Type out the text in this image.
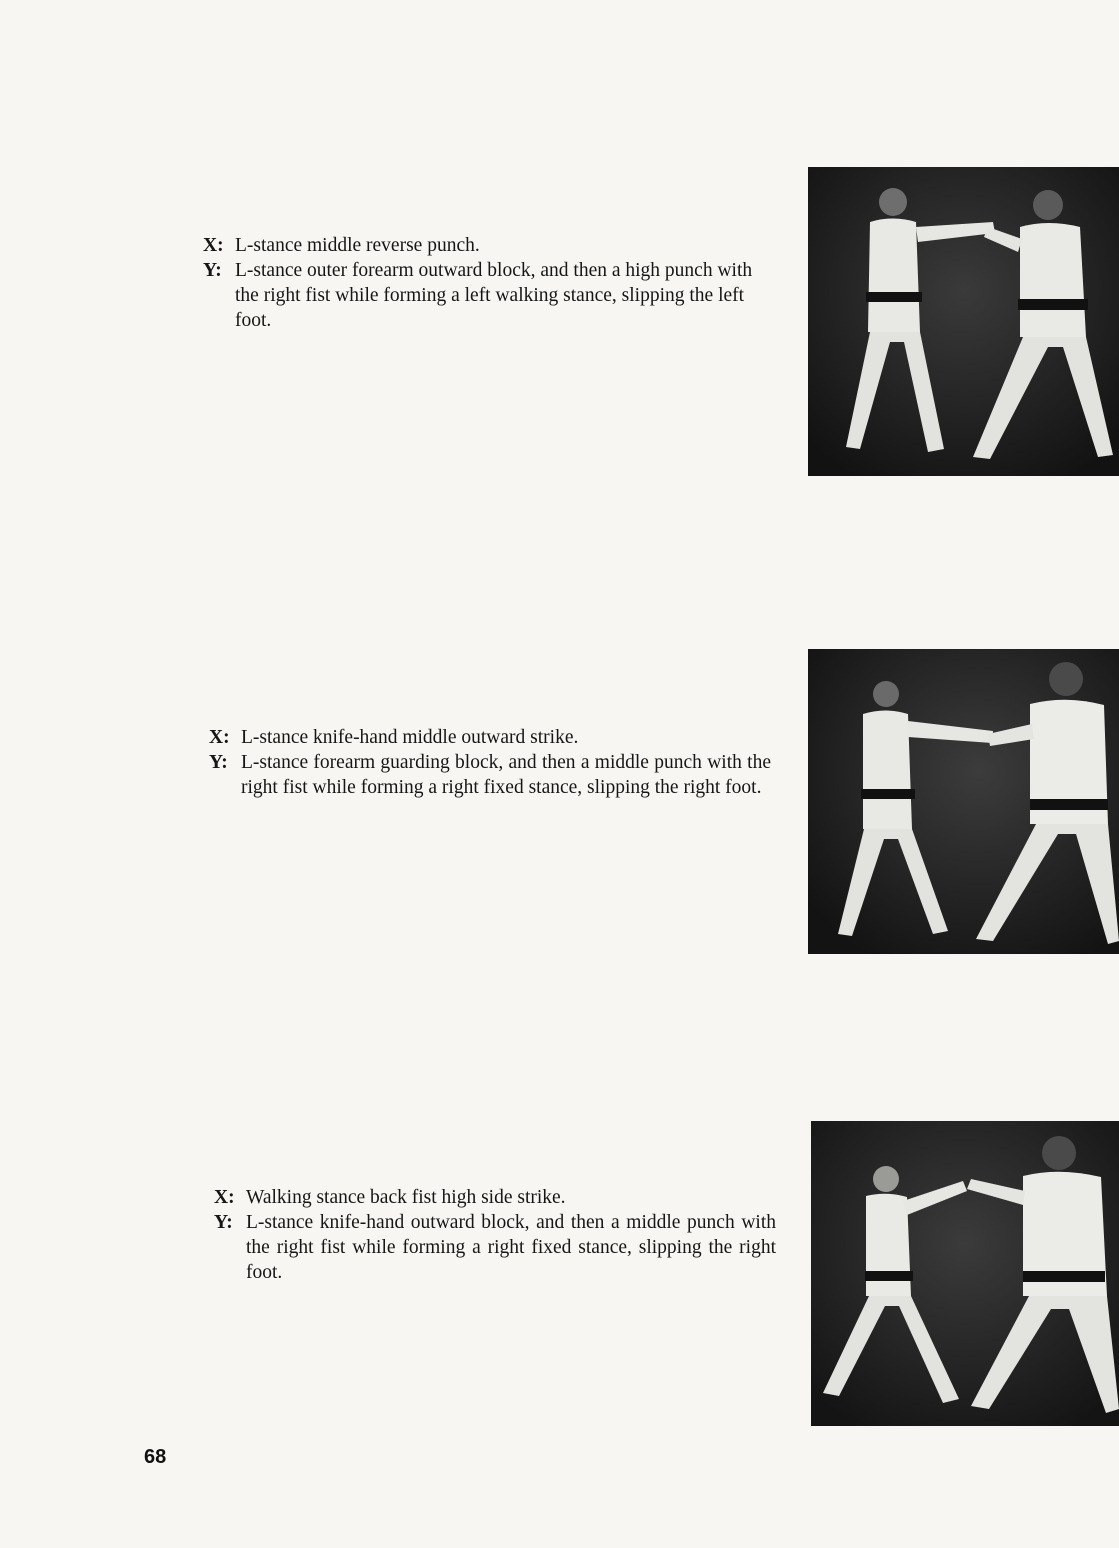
X: L-stance middle reverse punch.

Y: L-stance outer forearm outward block, and then a high punch with the right fist while forming a left walking stance, slipping the left foot.

X: L-stance knife-hand middle outward strike.

Y: L-stance forearm guarding block, and then a middle punch with the right fist while forming a right fixed stance, slipping the right foot.

X: Walking stance back fist high side strike.

Y: L-stance knife-hand outward block, and then a middle punch with the right fist while forming a right fixed stance, slipping the right foot.

68
